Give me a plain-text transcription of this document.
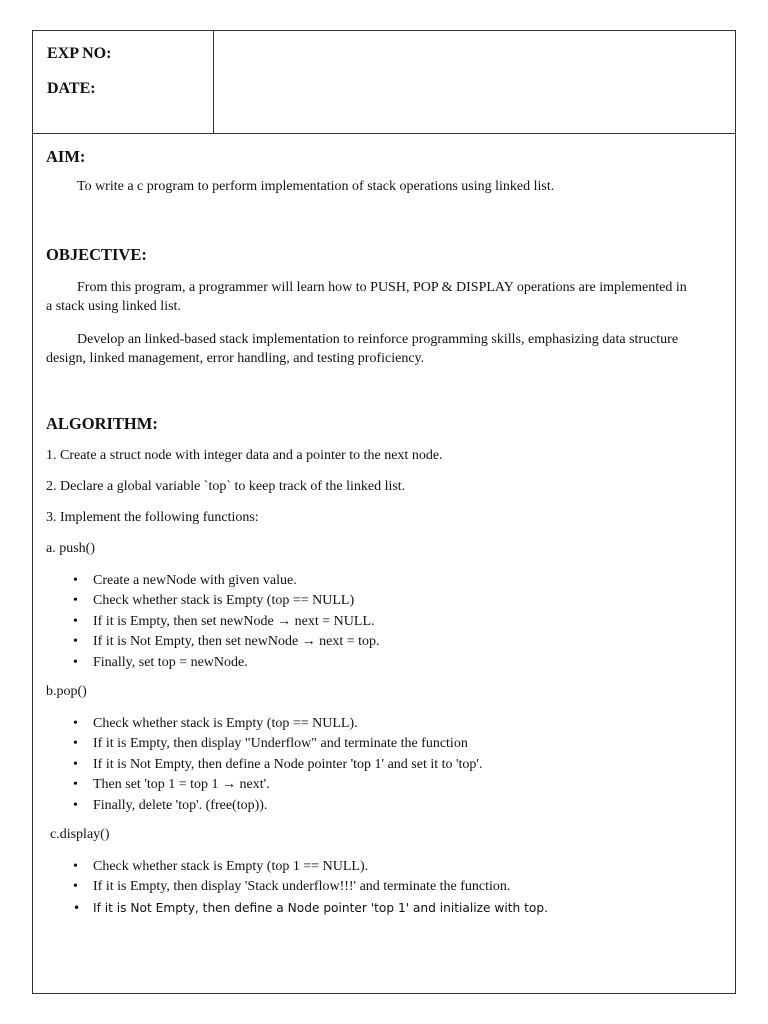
EXP NO:
DATE:
AIM:

To write a c program to perform implementation of stack operations using linked list.

OBJECTIVE:

From this program, a programmer will learn how to PUSH, POP & DISPLAY operations are implemented in a stack using linked list.

Develop an linked-based stack implementation to reinforce programming skills, emphasizing data structure design, linked management, error handling, and testing proficiency.

ALGORITHM:

1. Create a struct node with integer data and a pointer to the next node.

2. Declare a global variable `top` to keep track of the linked list.

3. Implement the following functions:

a. push()

• Create a newNode with given value.
• Check whether stack is Empty (top == NULL)
• If it is Empty, then set newNode → next = NULL.
• If it is Not Empty, then set newNode → next = top.
• Finally, set top = newNode.

b.pop()

• Check whether stack is Empty (top == NULL).
• If it is Empty, then display "Underflow" and terminate the function
• If it is Not Empty, then define a Node pointer 'top 1' and set it to 'top'.
• Then set 'top 1 = top 1 → next'.
• Finally, delete 'top'. (free(top)).

c.display()

• Check whether stack is Empty (top 1 == NULL).
• If it is Empty, then display 'Stack underflow!!!' and terminate the function.
• If it is Not Empty, then define a Node pointer 'top 1' and initialize with top.
